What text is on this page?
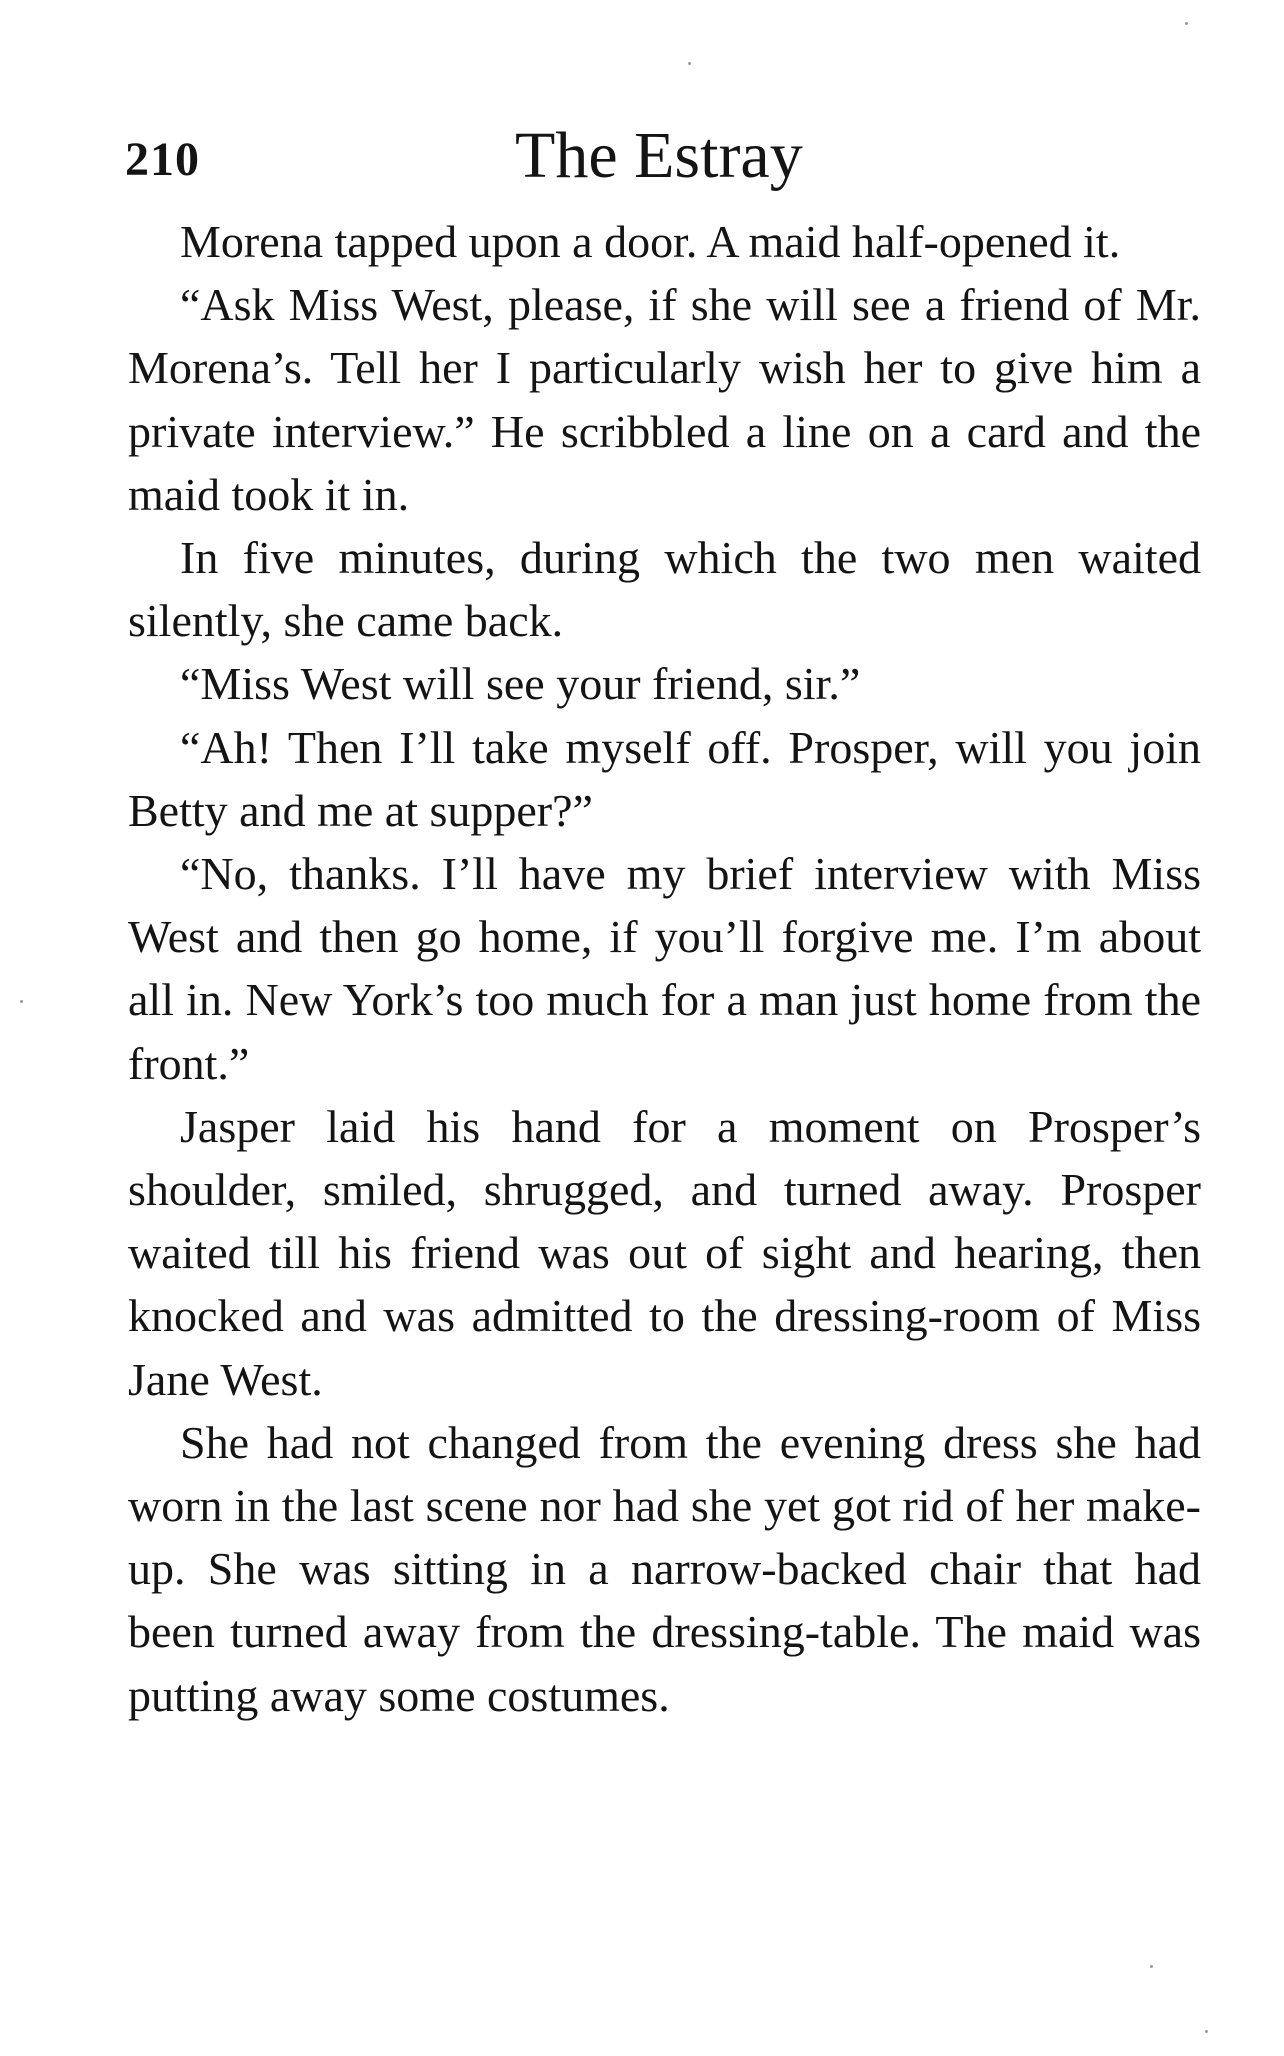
210	The Estray

Morena tapped upon a door. A maid half-opened it.

“Ask Miss West, please, if she will see a friend of Mr. Morena’s. Tell her I particularly wish her to give him a private interview.” He scribbled a line on a card and the maid took it in.

In five minutes, during which the two men waited silently, she came back.

“Miss West will see your friend, sir.”

“Ah! Then I’ll take myself off. Prosper, will you join Betty and me at supper?”

“No, thanks. I’ll have my brief interview with Miss West and then go home, if you’ll forgive me. I’m about all in. New York’s too much for a man just home from the front.”

Jasper laid his hand for a moment on Prosper’s shoulder, smiled, shrugged, and turned away. Prosper waited till his friend was out of sight and hearing, then knocked and was admitted to the dressing-room of Miss Jane West.

She had not changed from the evening dress she had worn in the last scene nor had she yet got rid of her make-up. She was sitting in a narrow-backed chair that had been turned away from the dressing-table. The maid was putting away some costumes.
